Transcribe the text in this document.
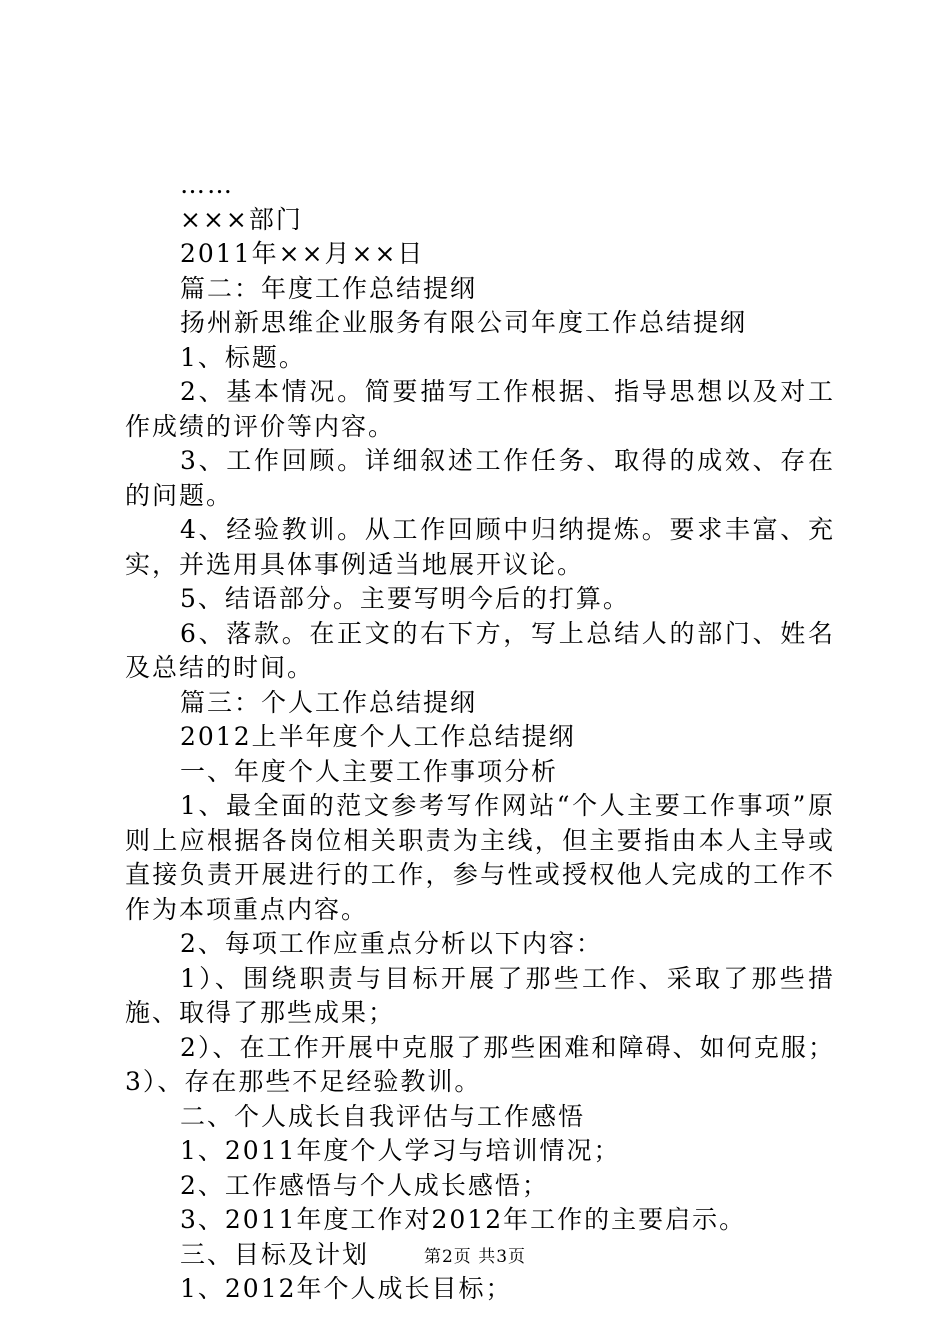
……

×××部门

2011年××月××日

篇二：年度工作总结提纲

扬州新思维企业服务有限公司年度工作总结提纲

1、标题。

2、基本情况。简要描写工作根据、指导思想以及对工作成绩的评价等内容。

3、工作回顾。详细叙述工作任务、取得的成效、存在的问题。

4、经验教训。从工作回顾中归纳提炼。要求丰富、充实，并选用具体事例适当地展开议论。

5、结语部分。主要写明今后的打算。

6、落款。在正文的右下方，写上总结人的部门、姓名及总结的时间。

篇三：个人工作总结提纲

2012上半年度个人工作总结提纲

一、年度个人主要工作事项分析

1、最全面的范文参考写作网站“个人主要工作事项”原则上应根据各岗位相关职责为主线，但主要指由本人主导或直接负责开展进行的工作，参与性或授权他人完成的工作不作为本项重点内容。

2、每项工作应重点分析以下内容：

1）、围绕职责与目标开展了那些工作、采取了那些措施、取得了那些成果；

2）、在工作开展中克服了那些困难和障碍、如何克服；3）、存在那些不足经验教训。

二、个人成长自我评估与工作感悟

1、2011年度个人学习与培训情况；

2、工作感悟与个人成长感悟；

3、2011年度工作对2012年工作的主要启示。

三、目标及计划

1、2012年个人成长目标；

第2页 共3页
